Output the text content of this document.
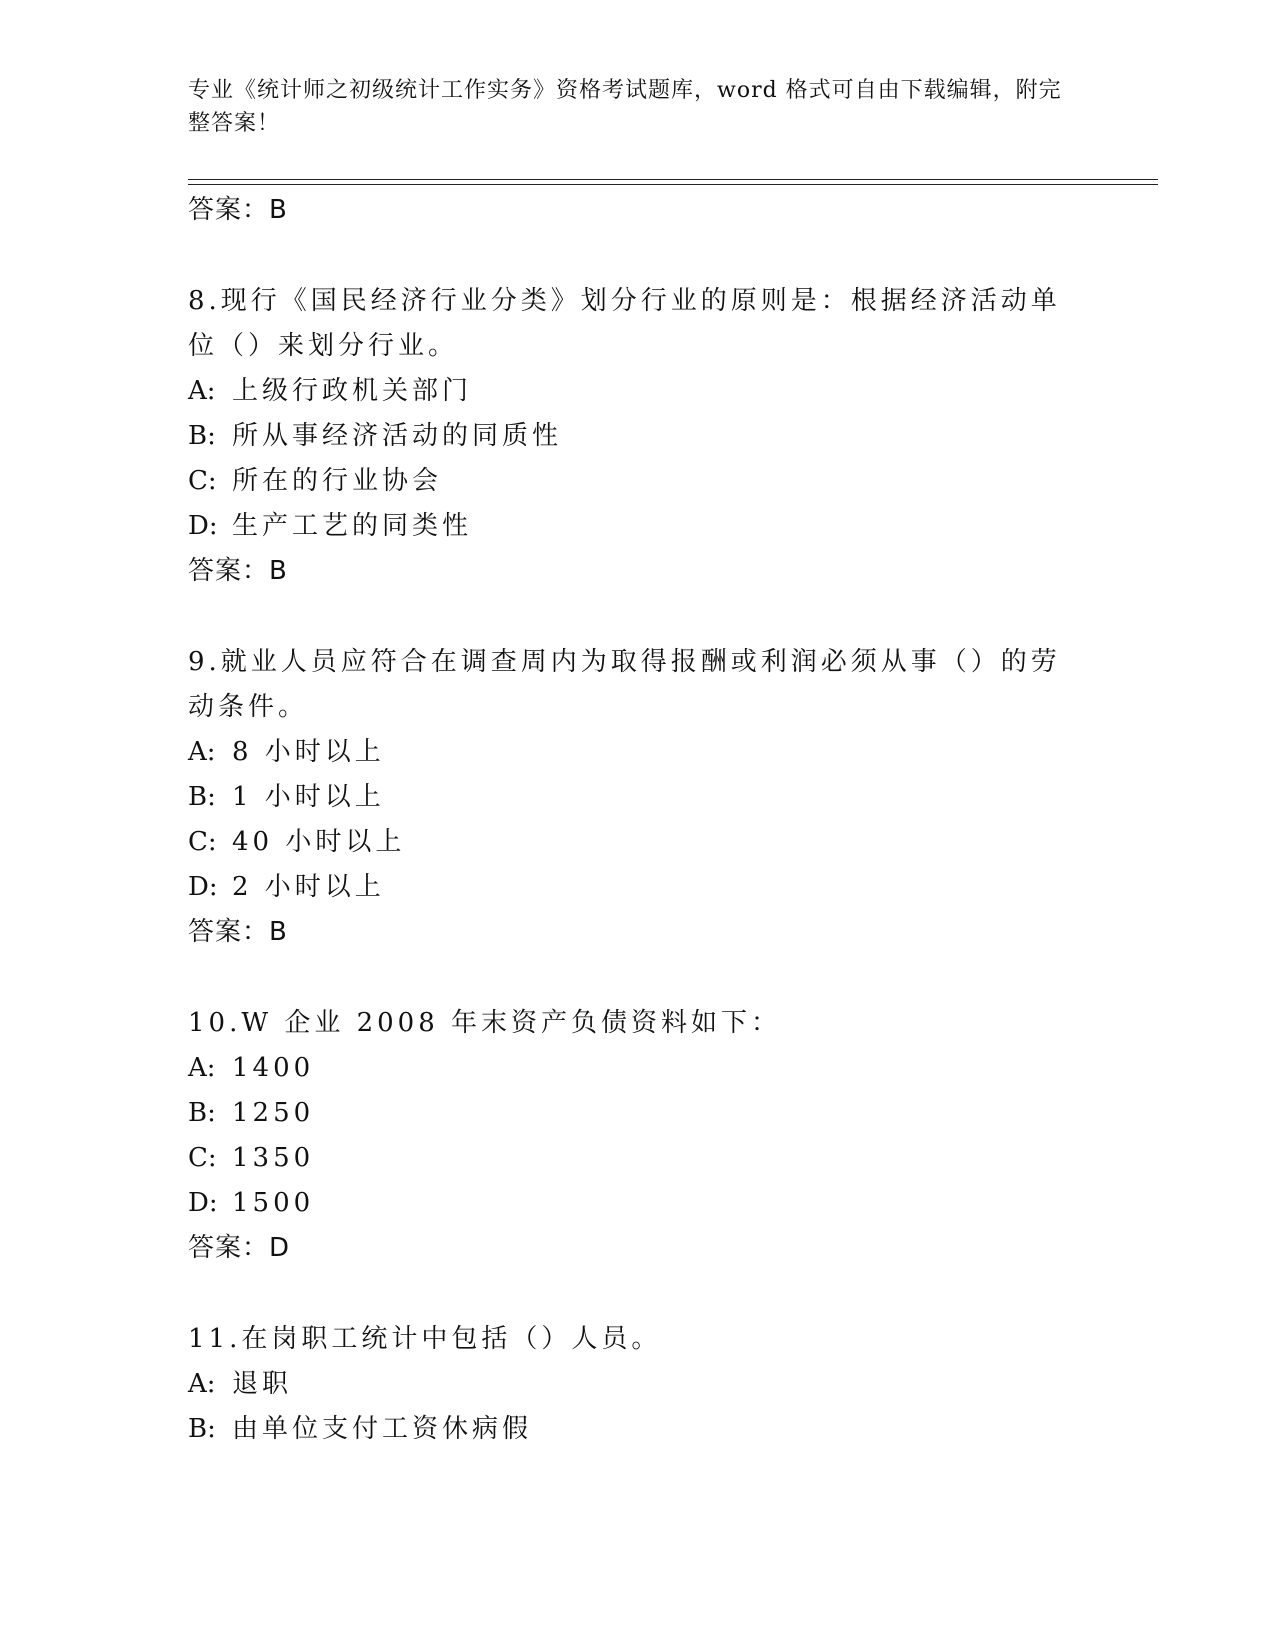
专业《统计师之初级统计工作实务》资格考试题库，word 格式可自由下载编辑，附完整答案！
答案：B
8.现行《国民经济行业分类》划分行业的原则是：根据经济活动单位（）来划分行业。
A: 上级行政机关部门
B: 所从事经济活动的同质性
C: 所在的行业协会
D: 生产工艺的同类性
答案：B
9.就业人员应符合在调查周内为取得报酬或利润必须从事（）的劳动条件。
A: 8 小时以上
B: 1 小时以上
C: 40 小时以上
D: 2 小时以上
答案：B
10.W 企业 2008 年末资产负债资料如下：
A: 1400
B: 1250
C: 1350
D: 1500
答案：D
11.在岗职工统计中包括（）人员。
A: 退职
B: 由单位支付工资休病假
